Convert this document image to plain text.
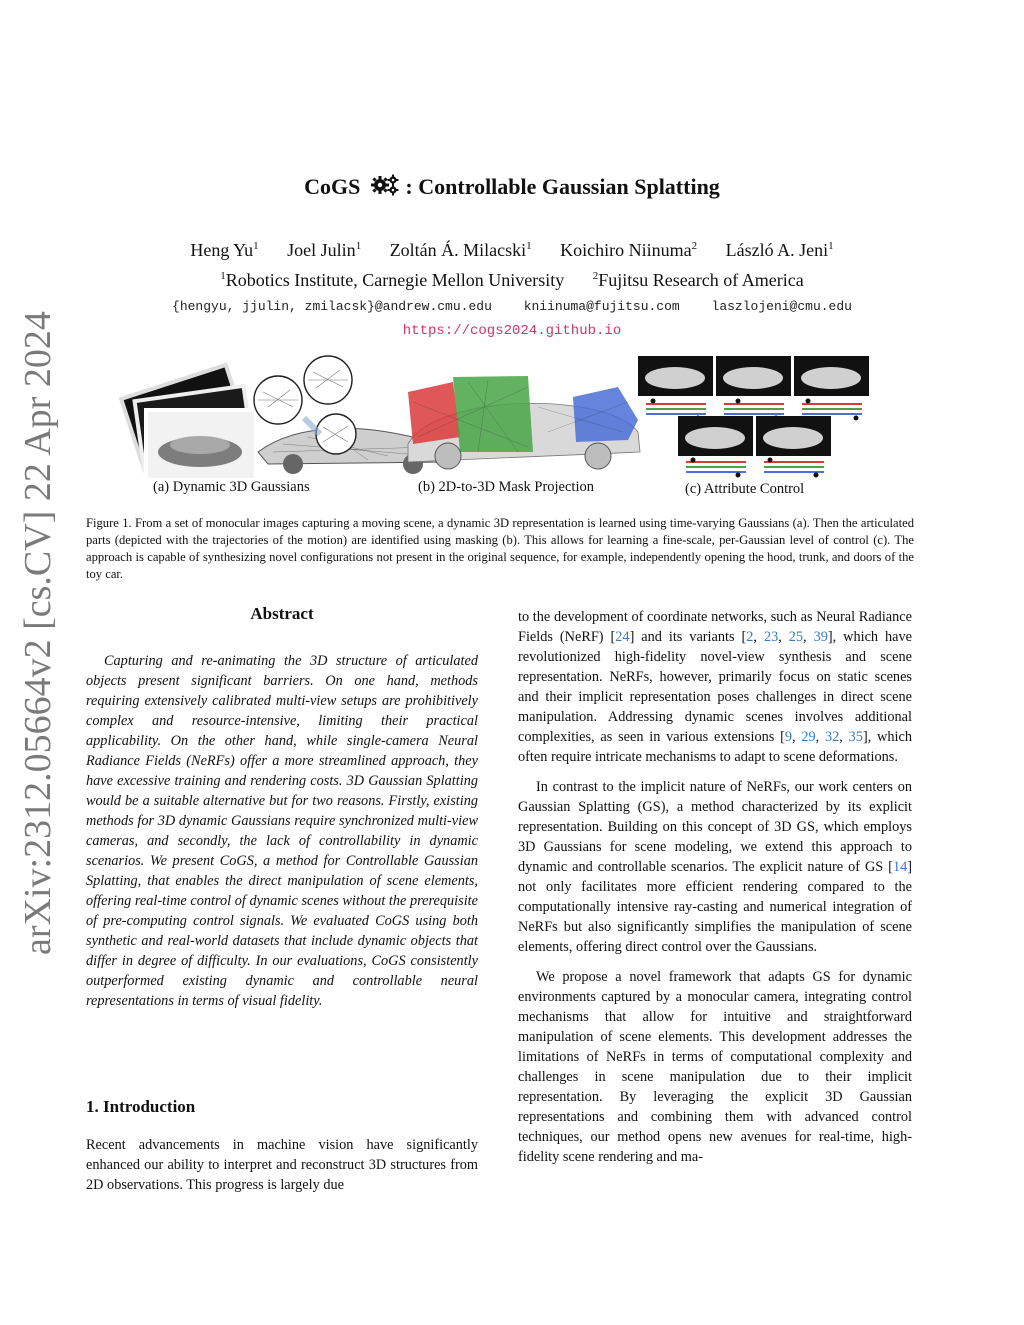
arXiv:2312.05664v2 [cs.CV] 22 Apr 2024
CoGS : Controllable Gaussian Splatting
Heng Yu$^1$ Joel Julin$^1$ Zoltán Á. Milacski$^1$ Koichiro Niinuma$^2$ László A. Jeni$^1$
$^1$Robotics Institute, Carnegie Mellon University	$^2$Fujitsu Research of America
{hengyu, jjulin, zmilacsk}@andrew.cmu.edu kniinuma@fujitsu.com laszlojeni@cmu.edu
https://cogs2024.github.io
(a) Dynamic 3D Gaussians	(b) 2D-to-3D Mask Projection	(c) Attribute Control
Figure 1. From a set of monocular images capturing a moving scene, a dynamic 3D representation is learned using time-varying Gaussians (a). Then the articulated parts (depicted with the trajectories of the motion) are identified using masking (b). This allows for learning a fine-scale, per-Gaussian level of control (c). The approach is capable of synthesizing novel configurations not present in the original sequence, for example, independently opening the hood, trunk, and doors of the toy car.
Abstract
Capturing and re-animating the 3D structure of articulated objects present significant barriers. On one hand, methods requiring extensively calibrated multi-view setups are prohibitively complex and resource-intensive, limiting their practical applicability. On the other hand, while single-camera Neural Radiance Fields (NeRFs) offer a more streamlined approach, they have excessive training and rendering costs. 3D Gaussian Splatting would be a suitable alternative but for two reasons. Firstly, existing methods for 3D dynamic Gaussians require synchronized multi-view cameras, and secondly, the lack of controllability in dynamic scenarios. We present CoGS, a method for Controllable Gaussian Splatting, that enables the direct manipulation of scene elements, offering real-time control of dynamic scenes without the prerequisite of pre-computing control signals. We evaluated CoGS using both synthetic and real-world datasets that include dynamic objects that differ in degree of difficulty. In our evaluations, CoGS consistently outperformed existing dynamic and controllable neural representations in terms of visual fidelity.
1. Introduction
Recent advancements in machine vision have significantly enhanced our ability to interpret and reconstruct 3D structures from 2D observations. This progress is largely due

to the development of coordinate networks, such as Neural Radiance Fields (NeRF) [24] and its variants [2, 23, 25, 39], which have revolutionized high-fidelity novel-view synthesis and scene representation. NeRFs, however, primarily focus on static scenes and their implicit representation poses challenges in direct scene manipulation. Addressing dynamic scenes involves additional complexities, as seen in various extensions [9, 29, 32, 35], which often require intricate mechanisms to adapt to scene deformations.

In contrast to the implicit nature of NeRFs, our work centers on Gaussian Splatting (GS), a method characterized by its explicit representation. Building on this concept of 3D GS, which employs 3D Gaussians for scene modeling, we extend this approach to dynamic and controllable scenarios. The explicit nature of GS [14] not only facilitates more efficient rendering compared to the computationally intensive ray-casting and numerical integration of NeRFs but also significantly simplifies the manipulation of scene elements, offering direct control over the Gaussians.

We propose a novel framework that adapts GS for dynamic environments captured by a monocular camera, integrating control mechanisms that allow for intuitive and straightforward manipulation of scene elements. This development addresses the limitations of NeRFs in terms of computational complexity and challenges in scene manipulation due to their implicit representation. By leveraging the explicit 3D Gaussian representations and combining them with advanced control techniques, our method opens new avenues for real-time, high-fidelity scene rendering and ma-
